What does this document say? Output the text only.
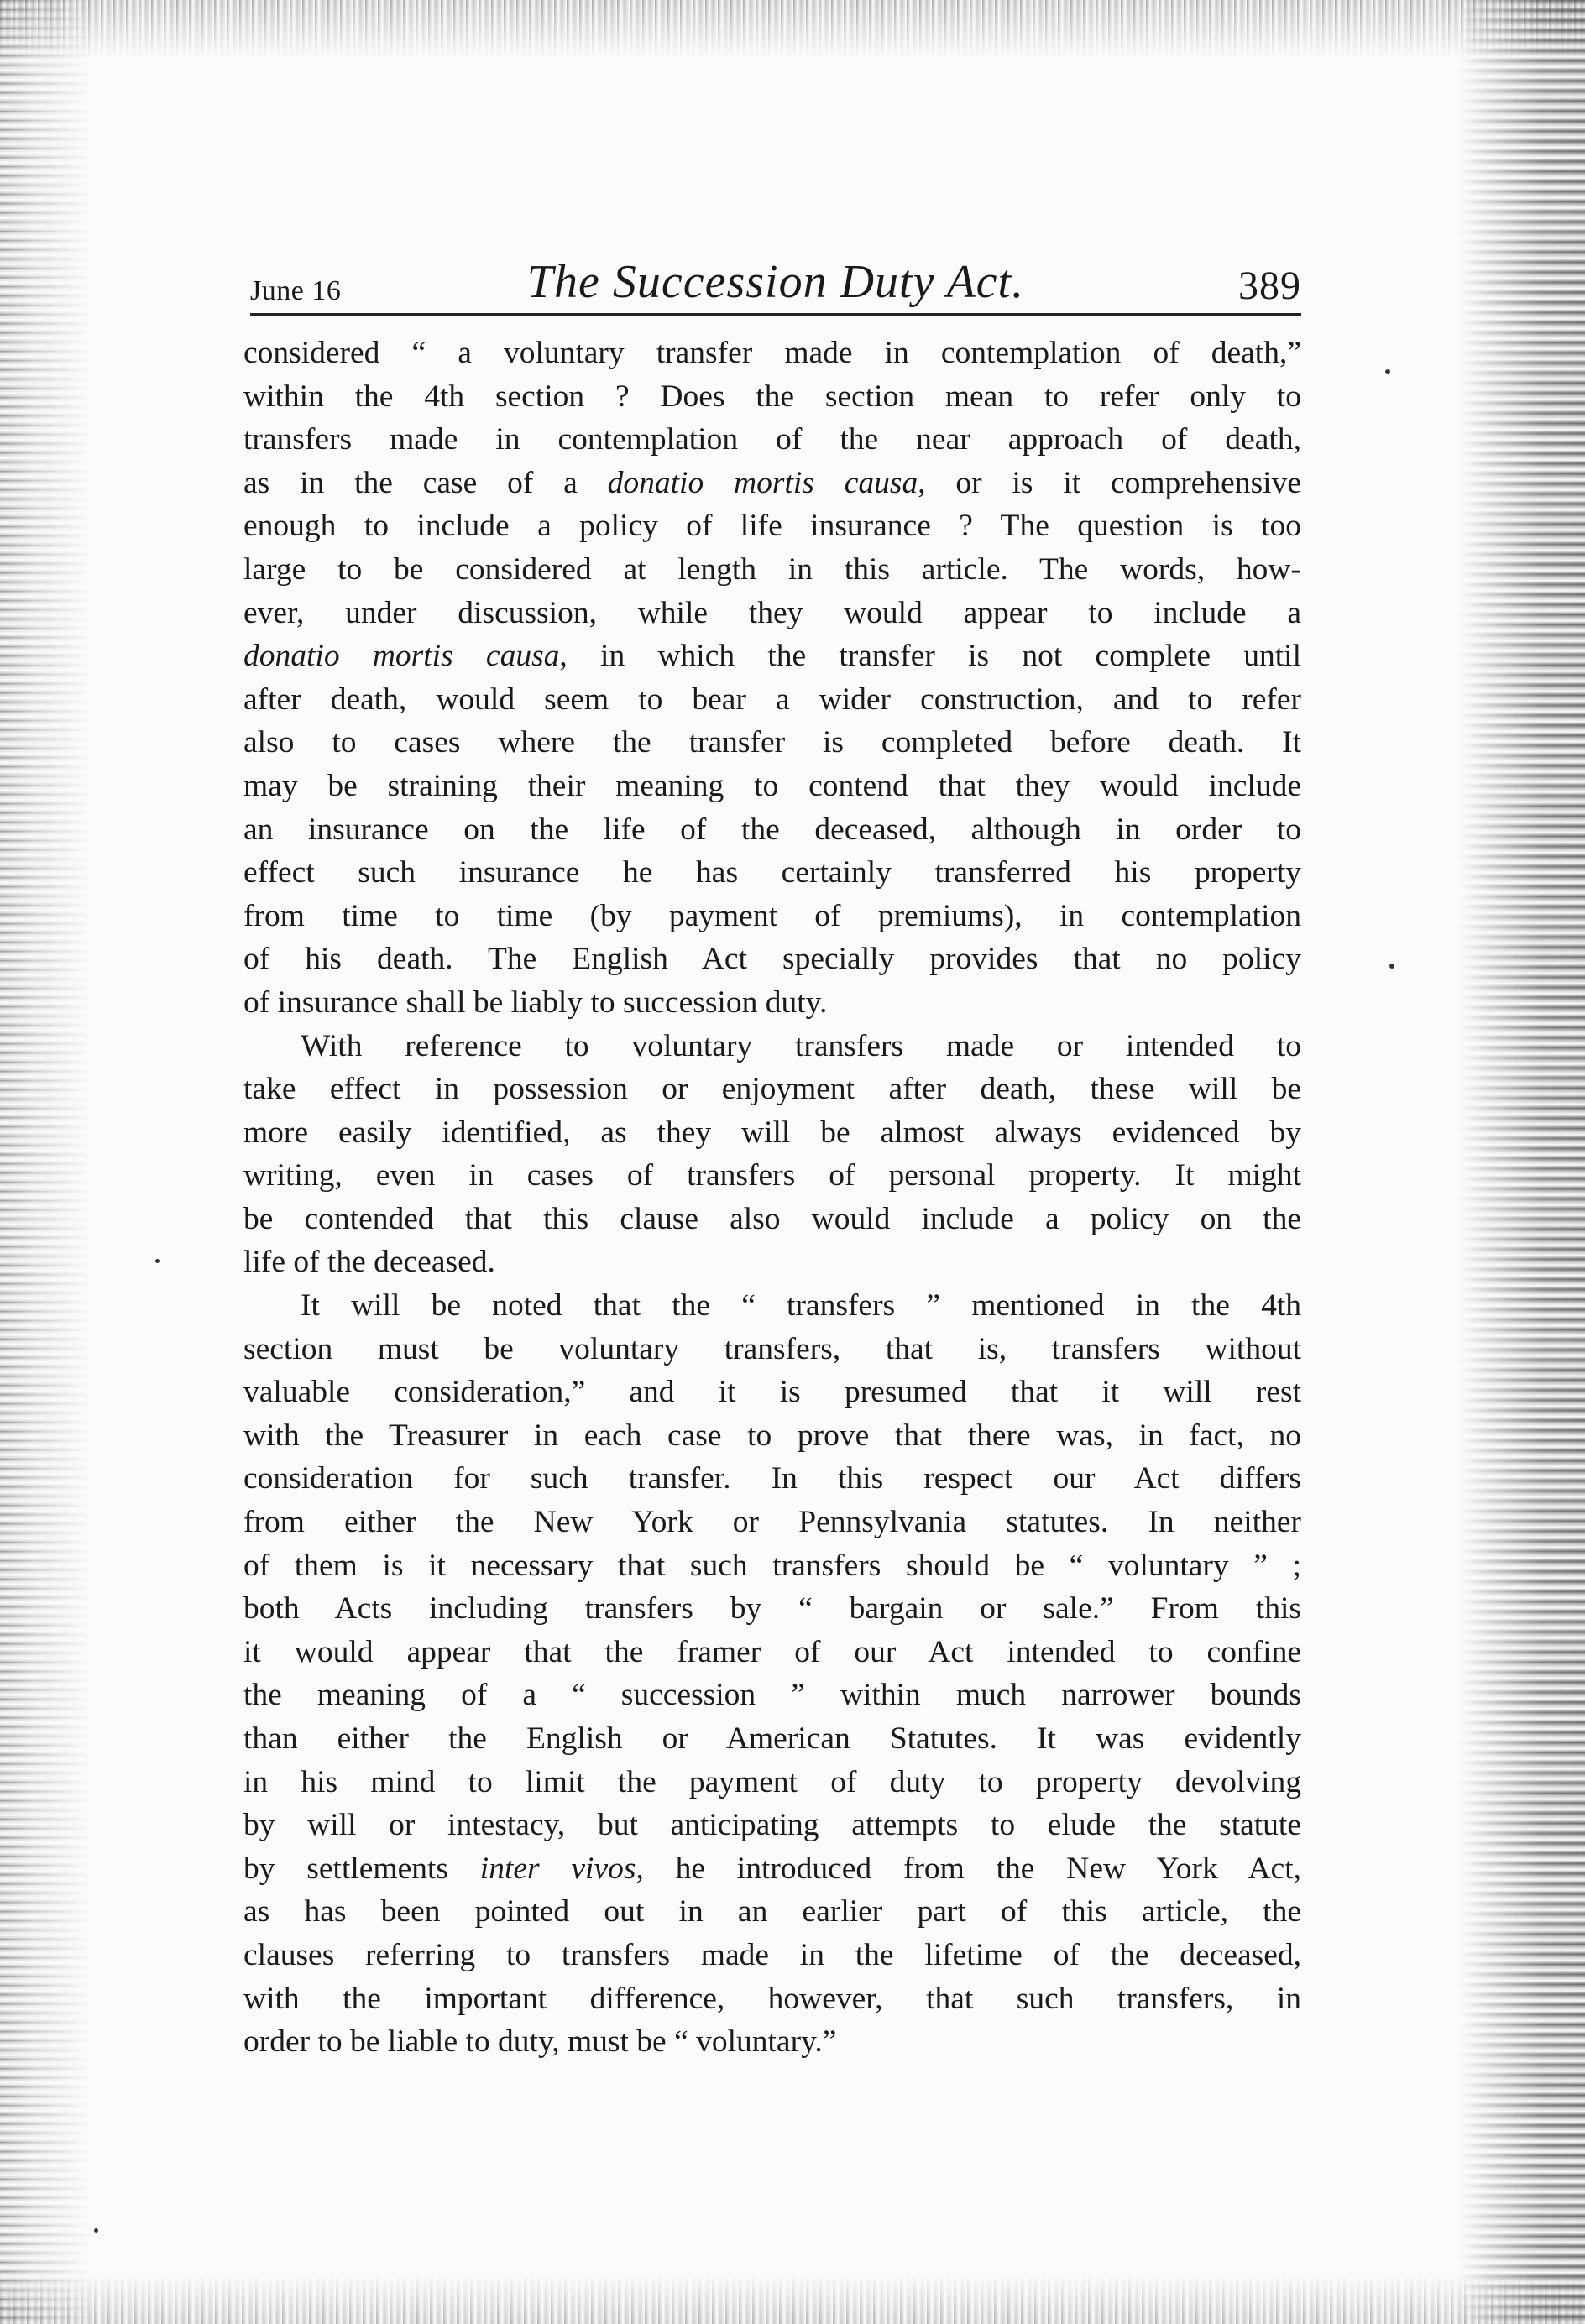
June 16	The Succession Duty Act.	389
considered “ a voluntary transfer made in contemplation of death,”
within the 4th section ? Does the section mean to refer only to
transfers made in contemplation of the near approach of death,
as in the case of a donatio mortis causa, or is it comprehensive
enough to include a policy of life insurance ? The question is too
large to be considered at length in this article. The words, how-
ever, under discussion, while they would appear to include a
donatio mortis causa, in which the transfer is not complete until
after death, would seem to bear a wider construction, and to refer
also to cases where the transfer is completed before death. It
may be straining their meaning to contend that they would include
an insurance on the life of the deceased, although in order to
effect such insurance he has certainly transferred his property
from time to time (by payment of premiums), in contemplation
of his death. The English Act specially provides that no policy
of insurance shall be liably to succession duty.
With reference to voluntary transfers made or intended to
take effect in possession or enjoyment after death, these will be
more easily identified, as they will be almost always evidenced by
writing, even in cases of transfers of personal property. It might
be contended that this clause also would include a policy on the
life of the deceased.
It will be noted that the “ transfers ” mentioned in the 4th
section must be voluntary transfers, that is, transfers without
valuable consideration,” and it is presumed that it will rest
with the Treasurer in each case to prove that there was, in fact, no
consideration for such transfer. In this respect our Act differs
from either the New York or Pennsylvania statutes. In neither
of them is it necessary that such transfers should be “ voluntary ” ;
both Acts including transfers by “ bargain or sale.” From this
it would appear that the framer of our Act intended to confine
the meaning of a “ succession ” within much narrower bounds
than either the English or American Statutes. It was evidently
in his mind to limit the payment of duty to property devolving
by will or intestacy, but anticipating attempts to elude the statute
by settlements inter vivos, he introduced from the New York Act,
as has been pointed out in an earlier part of this article, the
clauses referring to transfers made in the lifetime of the deceased,
with the important difference, however, that such transfers, in
order to be liable to duty, must be “ voluntary.”
